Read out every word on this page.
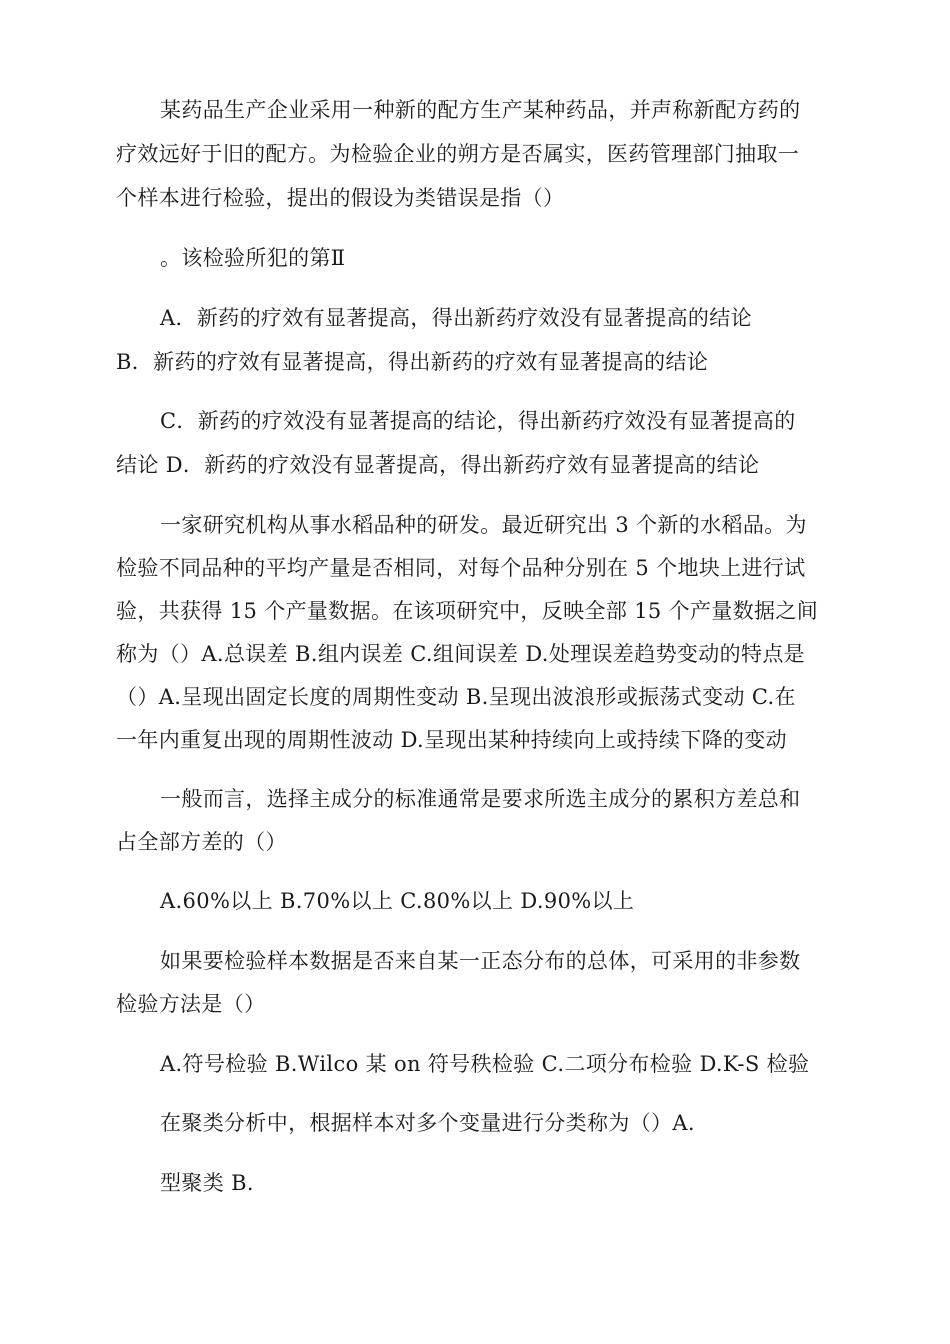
某药品生产企业采用一种新的配方生产某种药品，并声称新配方药的
疗效远好于旧的配方。为检验企业的朔方是否属实，医药管理部门抽取一
个样本进行检验，提出的假设为类错误是指（）
。该检验所犯的第Ⅱ
A．新药的疗效有显著提高，得出新药疗效没有显著提高的结论
B．新药的疗效有显著提高，得出新药的疗效有显著提高的结论
C．新药的疗效没有显著提高的结论，得出新药疗效没有显著提高的
结论 D．新药的疗效没有显著提高，得出新药疗效有显著提高的结论
一家研究机构从事水稻品种的研发。最近研究出 3 个新的水稻品。为
检验不同品种的平均产量是否相同，对每个品种分别在 5 个地块上进行试
验，共获得 15 个产量数据。在该项研究中，反映全部 15 个产量数据之间
称为（）A.总误差 B.组内误差 C.组间误差 D.处理误差趋势变动的特点是
（）A.呈现出固定长度的周期性变动 B.呈现出波浪形或振荡式变动 C.在
一年内重复出现的周期性波动 D.呈现出某种持续向上或持续下降的变动
一般而言，选择主成分的标准通常是要求所选主成分的累积方差总和
占全部方差的（）
A.60%以上 B.70%以上 C.80%以上 D.90%以上
如果要检验样本数据是否来自某一正态分布的总体，可采用的非参数
检验方法是（）
A.符号检验 B.Wilco 某 on 符号秩检验 C.二项分布检验 D.K-S 检验
在聚类分析中，根据样本对多个变量进行分类称为（）A.
型聚类 B.
